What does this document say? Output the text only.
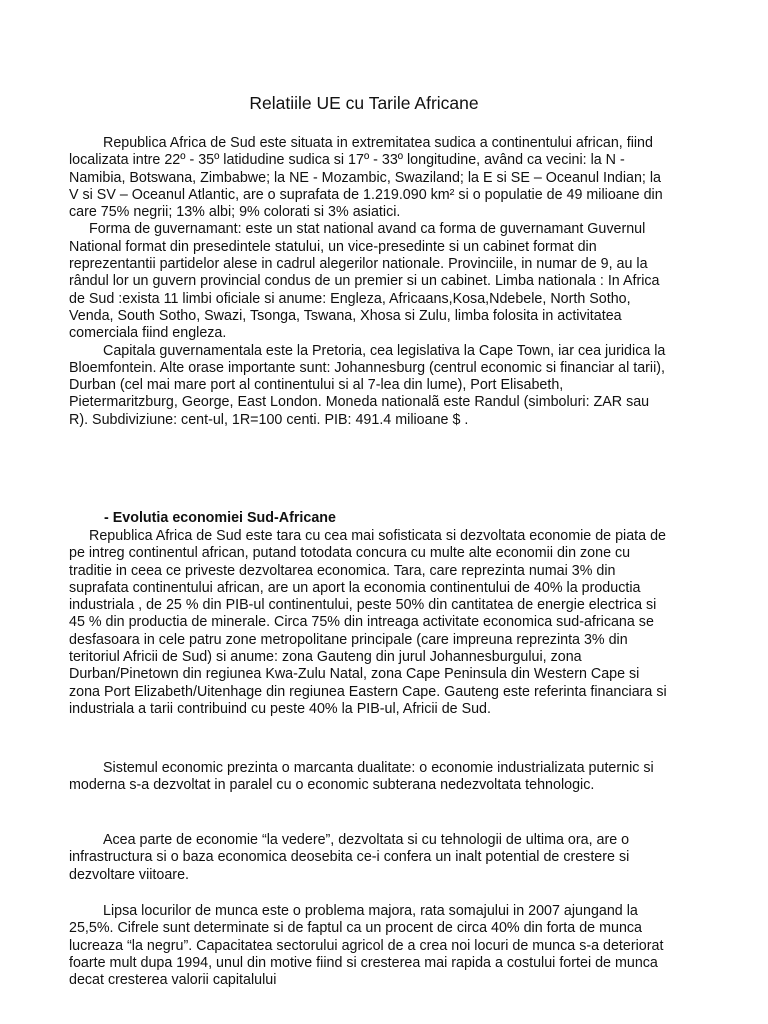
Relatiile UE cu Tarile Africane

Republica Africa de Sud este situata in extremitatea sudica a continentului african, fiind localizata intre 22º - 35º latidudine sudica si 17º - 33º longitudine, având ca vecini: la N - Namibia, Botswana, Zimbabwe; la NE - Mozambic, Swaziland; la E si SE – Oceanul Indian; la V si SV – Oceanul Atlantic, are o suprafata de 1.219.090 km² si o populatie de 49 milioane din care 75% negrii; 13% albi; 9% colorati si 3% asiatici.

Forma de guvernamant: este un stat national avand ca forma de guvernamant Guvernul National format din presedintele statului, un vice-presedinte si un cabinet format din reprezentantii partidelor alese in cadrul alegerilor nationale. Provinciile, in numar de 9, au la rândul lor un guvern provincial condus de un premier si un cabinet. Limba nationala : In Africa de Sud :exista 11 limbi oficiale si anume: Engleza, Africaans,Kosa,Ndebele, North Sotho, Venda, South Sotho, Swazi, Tsonga, Tswana, Xhosa si Zulu, limba folosita in activitatea comerciala fiind engleza.

Capitala guvernamentala este la Pretoria, cea legislativa la Cape Town, iar cea juridica la Bloemfontein. Alte orase importante sunt: Johannesburg (centrul economic si financiar al tarii), Durban (cel mai mare port al continentului si al 7-lea din lume), Port Elisabeth, Pietermaritzburg, George, East London. Moneda nationalã este Randul (simboluri: ZAR sau R). Subdiviziune: cent-ul, 1R=100 centi. PIB: 491.4 milioane $ .

- Evolutia economiei Sud-Africane

Republica Africa de Sud este tara cu cea mai sofisticata si dezvoltata economie de piata de pe intreg continentul african, putand totodata concura cu multe alte economii din zone cu traditie in ceea ce priveste dezvoltarea economica. Tara, care reprezinta numai 3% din suprafata continentului african, are un aport la economia continentului de 40% la productia industriala , de 25 % din PIB-ul continentului, peste 50% din cantitatea de energie electrica si 45 % din productia de minerale. Circa 75% din intreaga activitate economica sud-africana se desfasoara in cele patru zone metropolitane principale (care impreuna reprezinta 3% din teritoriul Africii de Sud) si anume: zona Gauteng din jurul Johannesburgului, zona Durban/Pinetown din regiunea Kwa-Zulu Natal, zona Cape Peninsula din Western Cape si zona Port Elizabeth/Uitenhage din regiunea Eastern Cape. Gauteng este referinta financiara si industriala a tarii contribuind cu peste 40% la PIB-ul, Africii de Sud.

Sistemul economic prezinta o marcanta dualitate: o economie industrializata puternic si moderna s-a dezvoltat in paralel cu o economic subterana nedezvoltata tehnologic.

Acea parte de economie “la vedere”, dezvoltata si cu tehnologii de ultima ora, are o infrastructura si o baza economica deosebita ce-i confera un inalt potential de crestere si dezvoltare viitoare.

Lipsa locurilor de munca este o problema majora, rata somajului in 2007 ajungand la 25,5%. Cifrele sunt determinate si de faptul ca un procent de circa 40% din forta de munca lucreaza “la negru”. Capacitatea sectorului agricol de a crea noi locuri de munca s-a deteriorat foarte mult dupa 1994, unul din motive fiind si cresterea mai rapida a costului fortei de munca decat cresterea valorii capitalului
